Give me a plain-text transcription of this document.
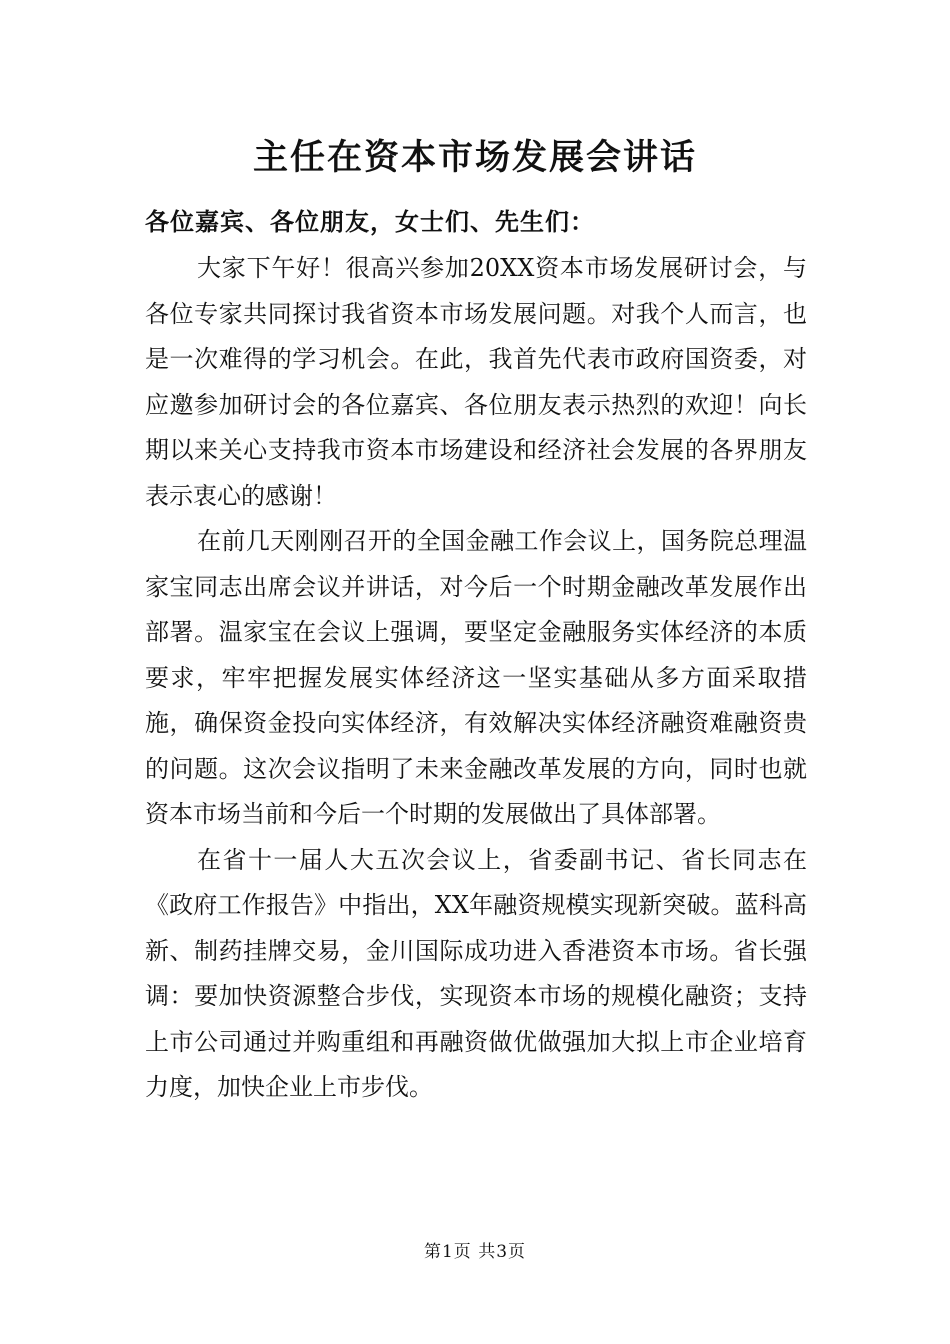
主任在资本市场发展会讲话

各位嘉宾、各位朋友，女士们、先生们：

大家下午好！很高兴参加20XX资本市场发展研讨会，与各位专家共同探讨我省资本市场发展问题。对我个人而言，也是一次难得的学习机会。在此，我首先代表市政府国资委，对应邀参加研讨会的各位嘉宾、各位朋友表示热烈的欢迎！向长期以来关心支持我市资本市场建设和经济社会发展的各界朋友表示衷心的感谢！

在前几天刚刚召开的全国金融工作会议上，国务院总理温家宝同志出席会议并讲话，对今后一个时期金融改革发展作出部署。温家宝在会议上强调，要坚定金融服务实体经济的本质要求，牢牢把握发展实体经济这一坚实基础从多方面采取措施，确保资金投向实体经济，有效解决实体经济融资难融资贵的问题。这次会议指明了未来金融改革发展的方向，同时也就资本市场当前和今后一个时期的发展做出了具体部署。

在省十一届人大五次会议上，省委副书记、省长同志在《政府工作报告》中指出，XX年融资规模实现新突破。蓝科高新、制药挂牌交易，金川国际成功进入香港资本市场。省长强调：要加快资源整合步伐，实现资本市场的规模化融资；支持上市公司通过并购重组和再融资做优做强加大拟上市企业培育力度，加快企业上市步伐。

第1页 共3页
